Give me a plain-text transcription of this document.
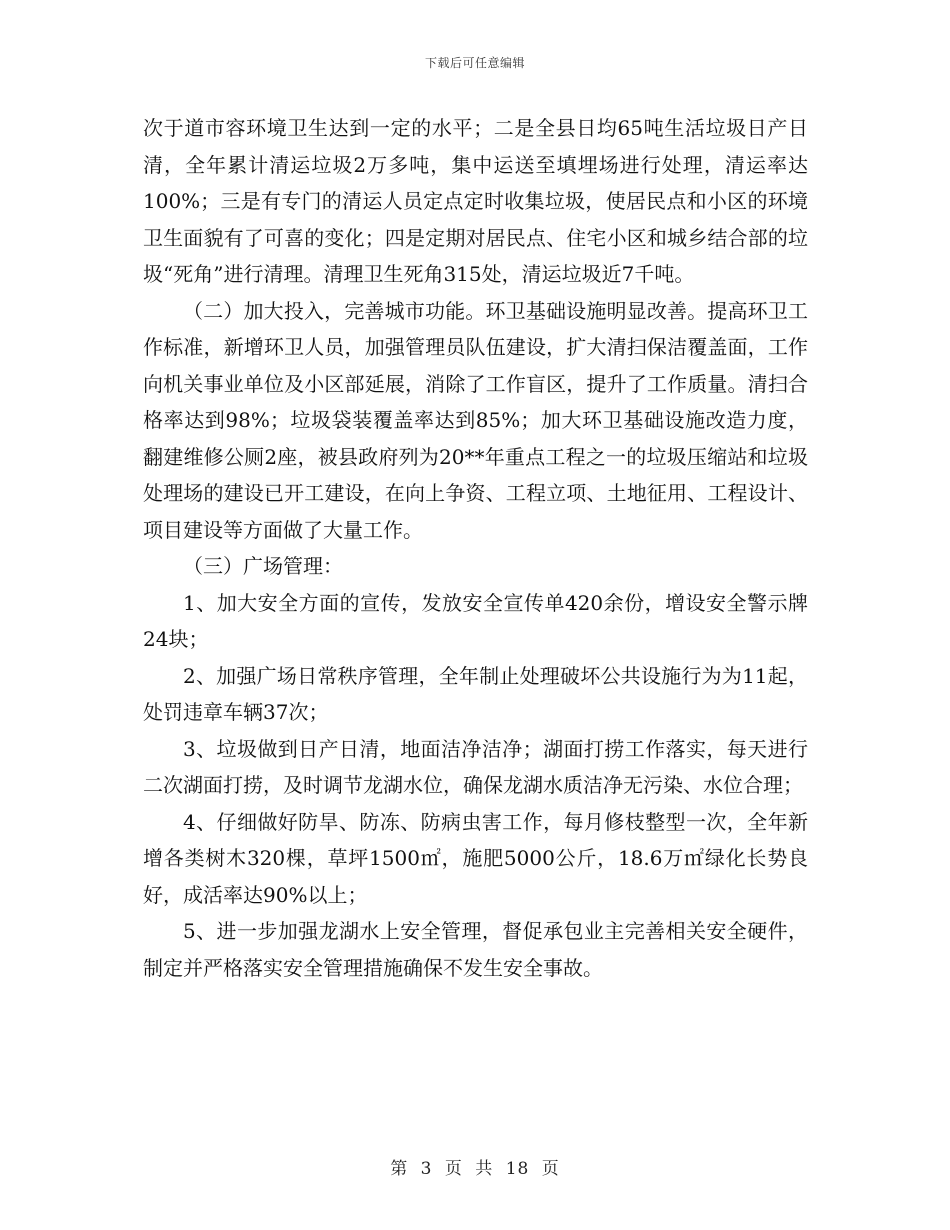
下载后可任意编辑

次于道市容环境卫生达到一定的水平；二是全县日均65吨生活垃圾日产日清，全年累计清运垃圾2万多吨，集中运送至填埋场进行处理，清运率达100%；三是有专门的清运人员定点定时收集垃圾，使居民点和小区的环境卫生面貌有了可喜的变化；四是定期对居民点、住宅小区和城乡结合部的垃圾“死角”进行清理。清理卫生死角315处，清运垃圾近7千吨。

（二）加大投入，完善城市功能。环卫基础设施明显改善。提高环卫工作标准，新增环卫人员，加强管理员队伍建设，扩大清扫保洁覆盖面，工作向机关事业单位及小区部延展，消除了工作盲区，提升了工作质量。清扫合格率达到98%；垃圾袋装覆盖率达到85%；加大环卫基础设施改造力度，翻建维修公厕2座，被县政府列为20**年重点工程之一的垃圾压缩站和垃圾处理场的建设已开工建设，在向上争资、工程立项、土地征用、工程设计、项目建设等方面做了大量工作。

（三）广场管理：

1、加大安全方面的宣传，发放安全宣传单420余份，增设安全警示牌24块；

2、加强广场日常秩序管理，全年制止处理破坏公共设施行为为11起，处罚违章车辆37次；

3、垃圾做到日产日清，地面洁净洁净；湖面打捞工作落实，每天进行二次湖面打捞，及时调节龙湖水位，确保龙湖水质洁净无污染、水位合理；

4、仔细做好防旱、防冻、防病虫害工作，每月修枝整型一次，全年新增各类树木320棵，草坪1500㎡，施肥5000公斤，18.6万㎡绿化长势良好，成活率达90%以上；

5、进一步加强龙湖水上安全管理，督促承包业主完善相关安全硬件，制定并严格落实安全管理措施确保不发生安全事故。

第 3 页 共 18 页
